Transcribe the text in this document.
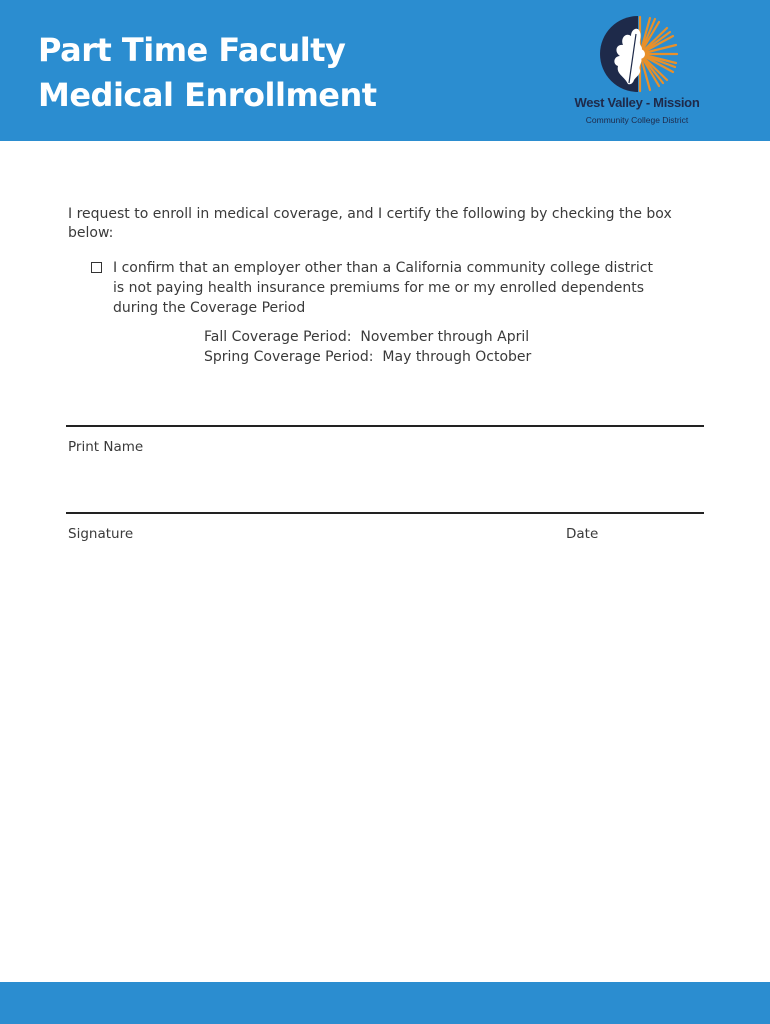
Part Time Faculty
Medical Enrollment	West Valley - Mission
Community College District

I request to enroll in medical coverage, and I certify the following by checking the box below:

I confirm that an employer other than a California community college district is not paying health insurance premiums for me or my enrolled dependents during the Coverage Period
Fall Coverage Period:  November through April
Spring Coverage Period:  May through October
Print Name
Signature	Date
